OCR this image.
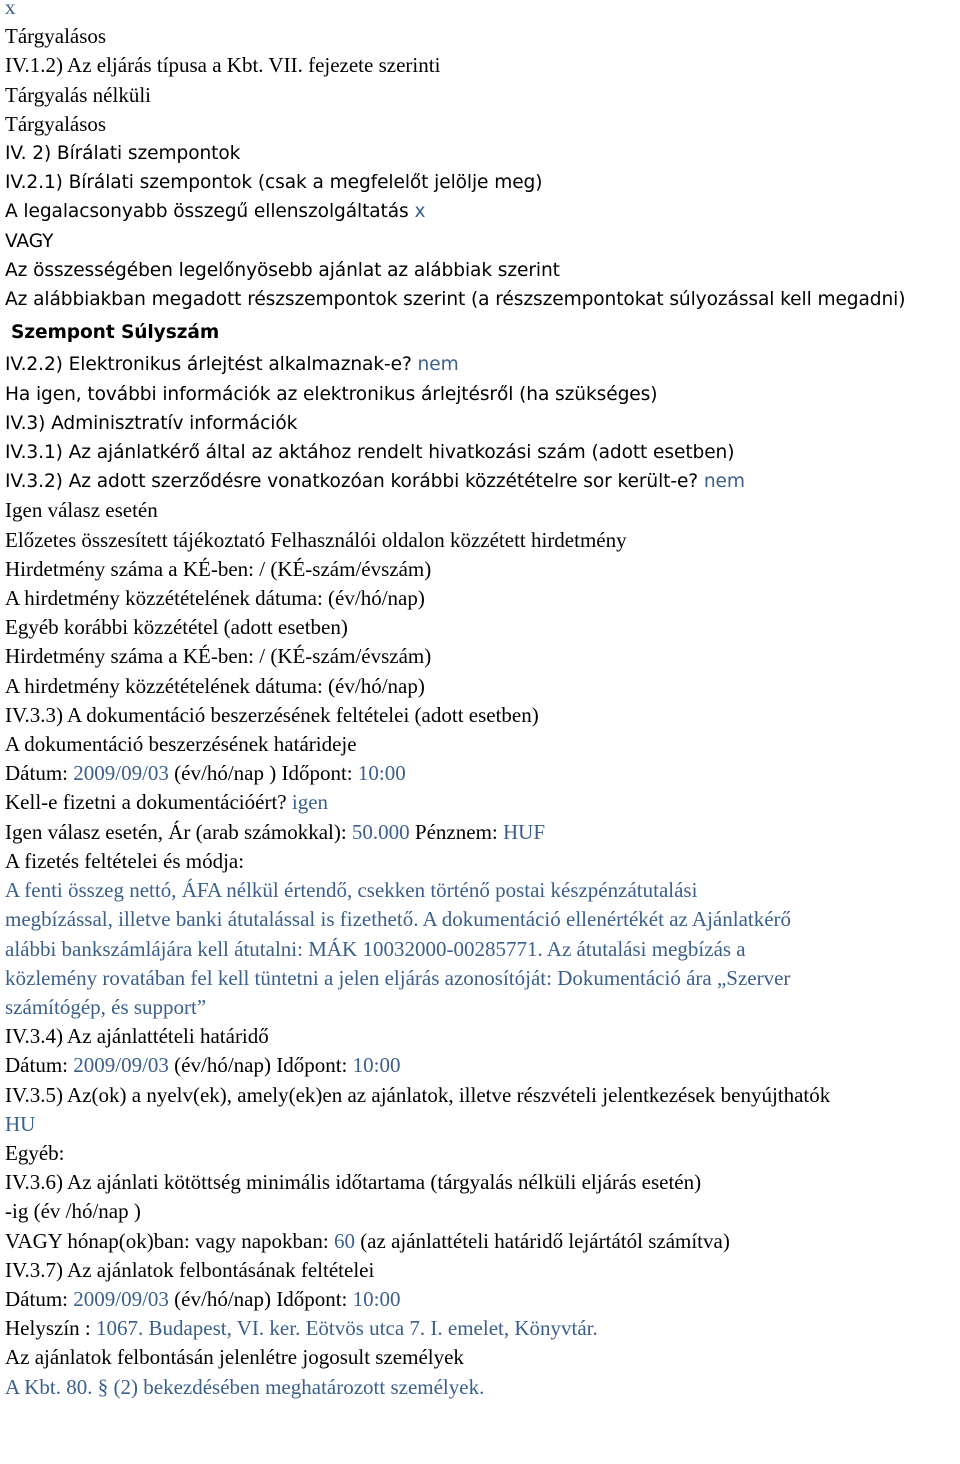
x
Tárgyalásos
IV.1.2) Az eljárás típusa a Kbt. VII. fejezete szerinti
Tárgyalás nélküli
Tárgyalásos
IV. 2) Bírálati szempontok
IV.2.1) Bírálati szempontok (csak a megfelelőt jelölje meg)
A legalacsonyabb összegű ellenszolgáltatás x
VAGY
Az összességében legelőnyösebb ajánlat az alábbiak szerint
Az alábbiakban megadott részszempontok szerint (a részszempontokat súlyozással kell megadni)
Szempont Súlyszám
IV.2.2) Elektronikus árlejtést alkalmaznak-e? nem
Ha igen, további információk az elektronikus árlejtésről (ha szükséges)
IV.3) Adminisztratív információk
IV.3.1) Az ajánlatkérő által az aktához rendelt hivatkozási szám (adott esetben)
IV.3.2) Az adott szerződésre vonatkozóan korábbi közzétételre sor került-e? nem
Igen válasz esetén
Előzetes összesített tájékoztató Felhasználói oldalon közzétett hirdetmény
Hirdetmény száma a KÉ-ben: / (KÉ-szám/évszám)
A hirdetmény közzétételének dátuma: (év/hó/nap)
Egyéb korábbi közzététel (adott esetben)
Hirdetmény száma a KÉ-ben: / (KÉ-szám/évszám)
A hirdetmény közzétételének dátuma: (év/hó/nap)
IV.3.3) A dokumentáció beszerzésének feltételei (adott esetben)
A dokumentáció beszerzésének határideje
Dátum: 2009/09/03 (év/hó/nap ) Időpont: 10:00
Kell-e fizetni a dokumentációért? igen
Igen válasz esetén, Ár (arab számokkal): 50.000 Pénznem: HUF
A fizetés feltételei és módja:
A fenti összeg nettó, ÁFA nélkül értendő, csekken történő postai készpénzátutalási
megbízással, illetve banki átutalással is fizethető. A dokumentáció ellenértékét az Ajánlatkérő
alábbi bankszámlájára kell átutalni: MÁK 10032000-00285771. Az átutalási megbízás a
közlemény rovatában fel kell tüntetni a jelen eljárás azonosítóját: Dokumentáció ára „Szerver
számítógép, és support”
IV.3.4) Az ajánlattételi határidő
Dátum: 2009/09/03 (év/hó/nap) Időpont: 10:00
IV.3.5) Az(ok) a nyelv(ek), amely(ek)en az ajánlatok, illetve részvételi jelentkezések benyújthatók
HU
Egyéb:
IV.3.6) Az ajánlati kötöttség minimális időtartama (tárgyalás nélküli eljárás esetén)
-ig (év /hó/nap )
VAGY hónap(ok)ban: vagy napokban: 60 (az ajánlattételi határidő lejártától számítva)
IV.3.7) Az ajánlatok felbontásának feltételei
Dátum: 2009/09/03 (év/hó/nap) Időpont: 10:00
Helyszín : 1067. Budapest, VI. ker. Eötvös utca 7. I. emelet, Könyvtár.
Az ajánlatok felbontásán jelenlétre jogosult személyek
A Kbt. 80. § (2) bekezdésében meghatározott személyek.
